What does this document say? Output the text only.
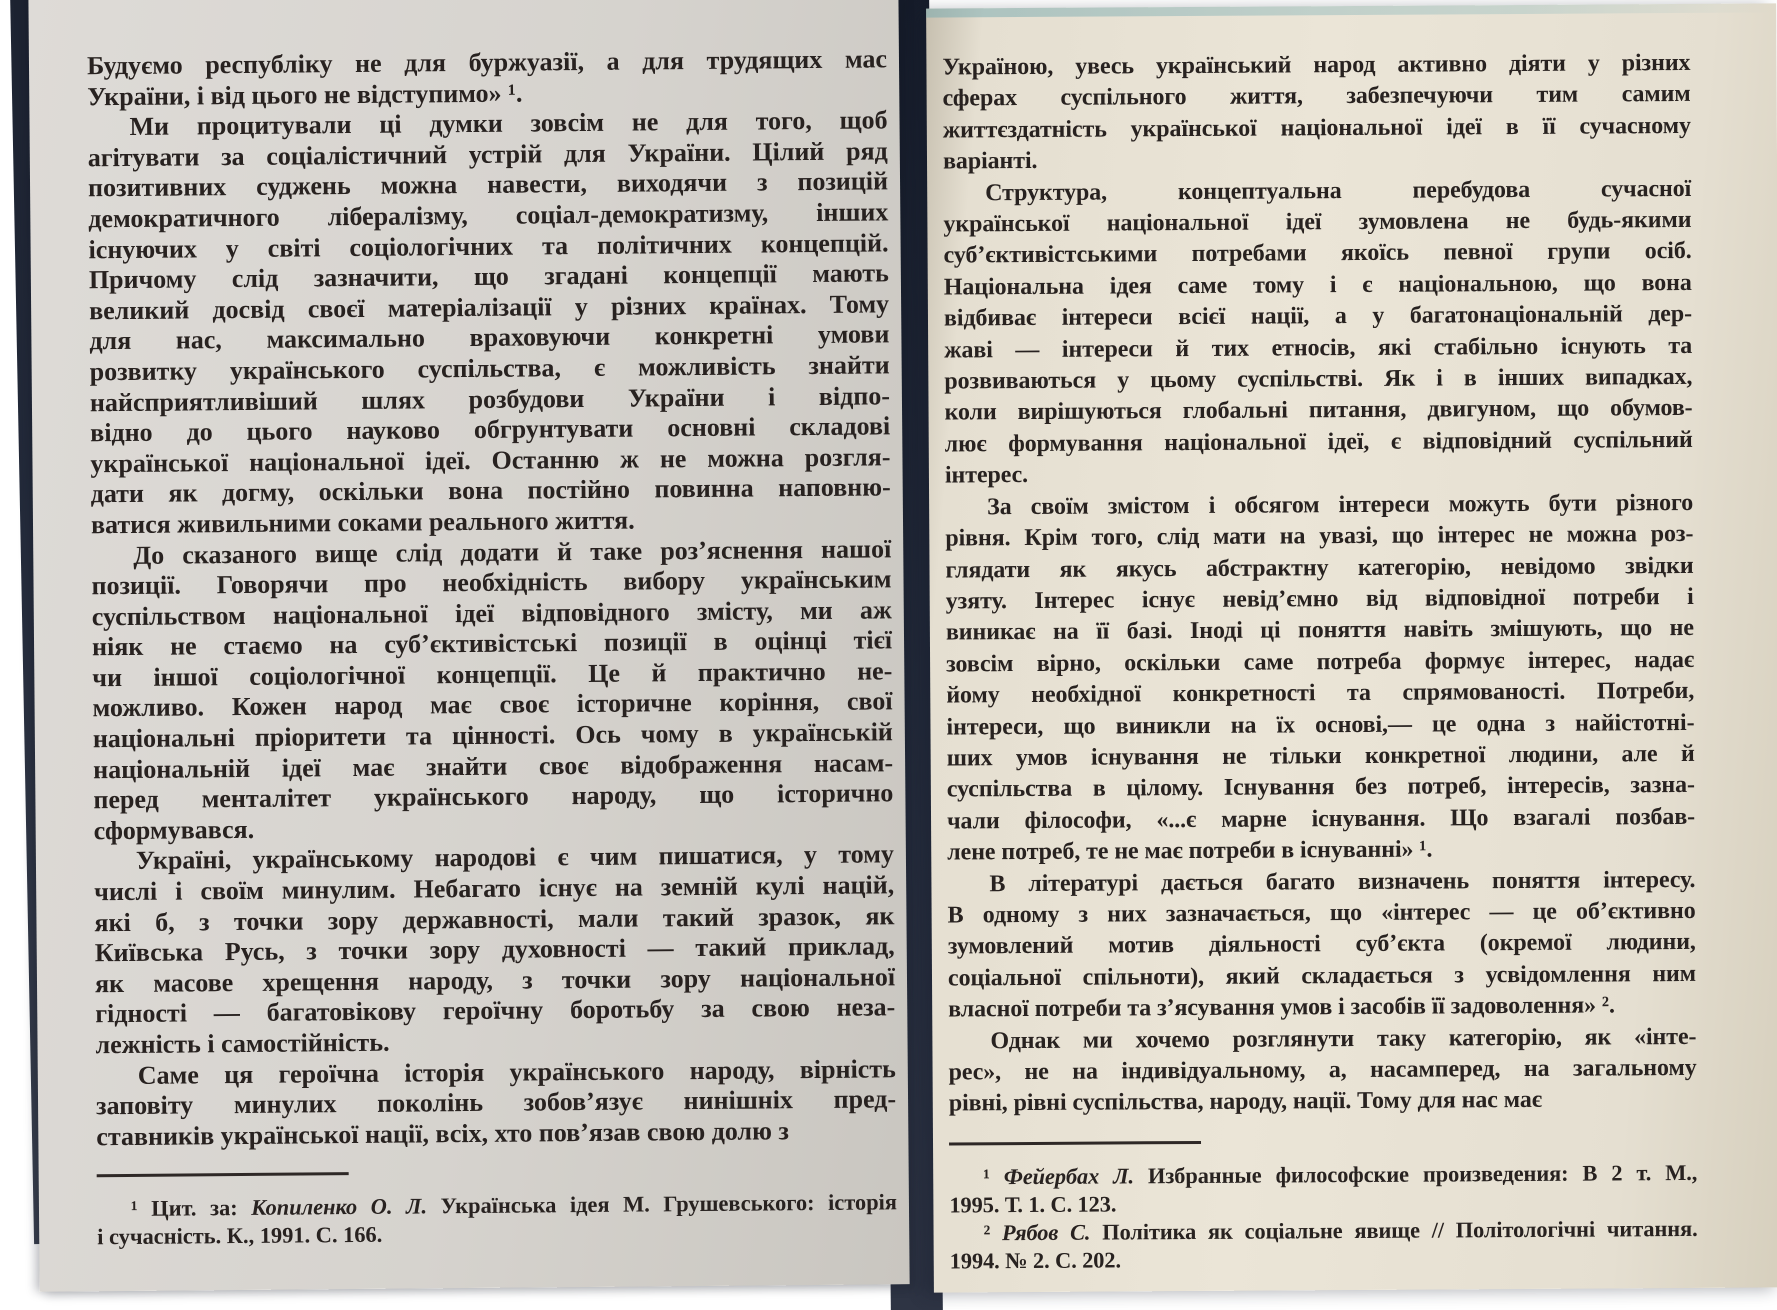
Будуємо республіку не для буржуазії, а для трудящих мас
України, і від цього не відступимо» ¹.
Ми процитували ці думки зовсім не для того, щоб
агітувати за соціалістичний устрій для України. Цілий ряд
позитивних суджень можна навести, виходячи з позицій
демократичного лібералізму, соціал-демократизму, інших
існуючих у світі соціологічних та політичних концепцій.
Причому слід зазначити, що згадані концепції мають
великий досвід своєї матеріалізації у різних країнах. Тому
для нас, максимально враховуючи конкретні умови
розвитку українського суспільства, є можливість знайти
найсприятливіший шлях розбудови України і відпо-
відно до цього науково обгрунтувати основні складові
української національної ідеї. Останню ж не можна розгля-
дати як догму, оскільки вона постійно повинна наповню-
ватися живильними соками реального життя.
До сказаного вище слід додати й таке роз’яснення нашої
позиції. Говорячи про необхідність вибору українським
суспільством національної ідеї відповідного змісту, ми аж
ніяк не стаємо на суб’єктивістські позиції в оцінці тієї
чи іншої соціологічної концепції. Це й практично не-
можливо. Кожен народ має своє історичне коріння, свої
національні пріоритети та цінності. Ось чому в українській
національній ідеї має знайти своє відображення насам-
перед менталітет українського народу, що історично
сформувався.
Україні, українському народові є чим пишатися, у тому
числі і своїм минулим. Небагато існує на земній кулі націй,
які б, з точки зору державності, мали такий зразок, як
Київська Русь, з точки зору духовності — такий приклад,
як масове хрещення народу, з точки зору національної
гідності — багатовікову героїчну боротьбу за свою неза-
лежність і самостійність.
Саме ця героїчна історія українського народу, вірність
заповіту минулих поколінь зобов’язує нинішніх пред-
ставників української нації, всіх, хто пов’язав свою долю з
¹ Цит. за: Копиленко О. Л. Українська ідея М. Грушевського: історія
і сучасність. К., 1991. С. 166.
Україною, увесь український народ активно діяти у різних
сферах суспільного життя, забезпечуючи тим самим
життєздатність української національної ідеї в її сучасному
варіанті.
Структура, концептуальна перебудова сучасної
української національної ідеї зумовлена не будь-якими
суб’єктивістськими потребами якоїсь певної групи осіб.
Національна ідея саме тому і є національною, що вона
відбиває інтереси всієї нації, а у багатонаціональній дер-
жаві — інтереси й тих етносів, які стабільно існують та
розвиваються у цьому суспільстві. Як і в інших випадках,
коли вирішуються глобальні питання, двигуном, що обумов-
лює формування національної ідеї, є відповідний суспільний
інтерес.
За своїм змістом і обсягом інтереси можуть бути різного
рівня. Крім того, слід мати на увазі, що інтерес не можна роз-
глядати як якусь абстрактну категорію, невідомо звідки
узяту. Інтерес існує невід’ємно від відповідної потреби і
виникає на її базі. Іноді ці поняття навіть змішують, що не
зовсім вірно, оскільки саме потреба формує інтерес, надає
йому необхідної конкретності та спрямованості. Потреби,
інтереси, що виникли на їх основі,— це одна з найістотні-
ших умов існування не тільки конкретної людини, але й
суспільства в цілому. Існування без потреб, інтересів, зазна-
чали філософи, «...є марне існування. Що взагалі позбав-
лене потреб, те не має потреби в існуванні» ¹.
В літературі дається багато визначень поняття інтересу.
В одному з них зазначається, що «інтерес — це об’єктивно
зумовлений мотив діяльності суб’єкта (окремої людини,
соціальної спільноти), який складається з усвідомлення ним
власної потреби та з’ясування умов і засобів її задоволення» ².
Однак ми хочемо розглянути таку категорію, як «інте-
рес», не на індивідуальному, а, насамперед, на загальному
рівні, рівні суспільства, народу, нації. Тому для нас має
¹ Фейербах Л. Избранные философские произведения: В 2 т. М.,
1995. Т. 1. С. 123.
² Рябов С. Політика як соціальне явище // Політологічні читання.
1994. № 2. С. 202.
